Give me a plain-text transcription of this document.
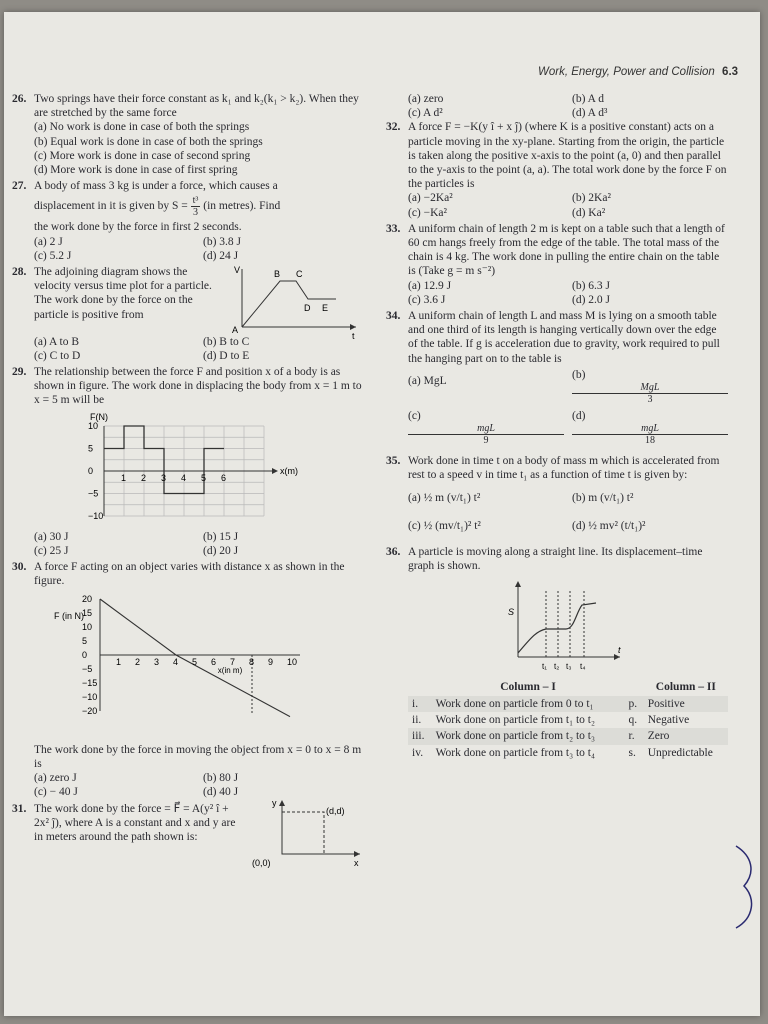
Work, Energy, Power and Collision 6.3
26. Two springs have their force constant as k₁ and k₂(k₁ > k₂). When they are stretched by the same force
(a) No work is done in case of both the springs
(b) Equal work is done in case of both the springs
(c) More work is done in case of second spring
(d) More work is done in case of first spring
27. A body of mass 3 kg is under a force, which causes a
displacement in it is given by $S = \frac{\text{t³}}{3} (in$ metres). Find
the work done by the force in first 2 seconds.
(a) 2 J	(b) 3.8 J
(c) 5.2 J	(d) 24 J
28. The adjoining diagram shows the velocity versus time plot for a particle. The work done by the force on the particle is positive from
V
t
A
B C
D E
(a) A to B	(b) B to C
(c) C to D	(d) D to E
29. The relationship between the force F and position x of a body is as shown in figure. The work done in displacing the body from x = 1 m to x = 5 m will be
1 2 3 4 5 6
10
5
0
−5
−10
F(N)
x(m)
(a) 30 J	(b) 15 J
(c) 25 J	(d) 20 J
30. A force F acting on an object varies with distance x as shown in the figure.
1 2 3 4 5 6 7 8 9 10
20
15
10
5
0
−5
−15
−10
−20
F (in N)
x(in m)
The work done by the force in moving the object from x = 0 to x = 8 m is
(a) zero J	(b) 80 J
(c) − 40 J	(d) 40 J
31. The work done by the force = F⃗ = A(y² î + 2x² ĵ), where A is a constant and x and y are in meters around the path shown is:
y
x
(0,0)
(d,d)
(a) zero	(b) A d
(c) A d²	(d) A d³
32. A force F = −K(y î + x ĵ) (where K is a positive constant) acts on a particle moving in the xy-plane. Starting from the origin, the particle is taken along the positive x-axis to the point (a, 0) and then parallel to the y-axis to the point (a, a). The total work done by the force F on the particles is
(a) −2Ka²	(b) 2Ka²
(c) −Ka²	(d) Ka²
33. A uniform chain of length 2 m is kept on a table such that a length of 60 cm hangs freely from the edge of the table. The total mass of the chain is 4 kg. The work done in pulling the entire chain on the table is (Take g = m s⁻²)
(a) 12.9 J	(b) 6.3 J
(c) 3.6 J	(d) 2.0 J
34. A uniform chain of length L and mass M is lying on a smooth table and one third of its length is hanging vertically down over the edge of the table. If g is acceleration due to gravity, work required to pull the hanging part on to the table is
(a) MgL	(b)
MgL
3
(c)
mgL
9
(d)
mgL
18
35. Work done in time t on a body of mass m which is accelerated from rest to a speed v in time t₁ as a function of time t is given by:
(a) ½ m (v/t₁) t²	(b) m (v/t₁) t²
(c) ½ (mv/t₁)² t²	(d) ½ mv² (t/t₁)²
36. A particle is moving along a straight line. Its displacement–time graph is shown.
S
t
t₁ t₂ t₃ t₄
	Column – I		Column – II
i.	Work done on particle from 0 to t₁	p.	Positive
ii.	Work done on particle from t₁ to t₂	q.	Negative
iii.	Work done on particle from t₂ to t₃	r.	Zero
iv.	Work done on particle from t₃ to t₄	s.	Unpredictable
